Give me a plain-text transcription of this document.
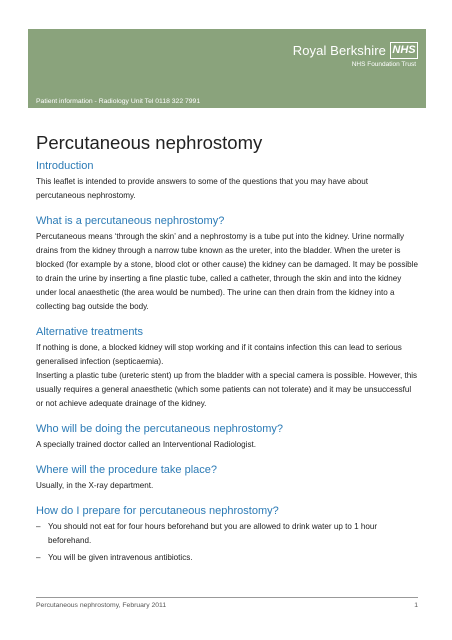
Royal Berkshire NHS
NHS Foundation Trust
Patient information - Radiology Unit Tel 0118 322 7991
Percutaneous nephrostomy
Introduction

This leaflet is intended to provide answers to some of the questions that you may have about percutaneous nephrostomy.

What is a percutaneous nephrostomy?

Percutaneous means ‘through the skin’ and a nephrostomy is a tube put into the kidney. Urine normally drains from the kidney through a narrow tube known as the ureter, into the bladder. When the ureter is blocked (for example by a stone, blood clot or other cause) the kidney can be damaged. It may be possible to drain the urine by inserting a fine plastic tube, called a catheter, through the skin and into the kidney under local anaesthetic (the area would be numbed). The urine can then drain from the kidney into a collecting bag outside the body.

Alternative treatments

If nothing is done, a blocked kidney will stop working and if it contains infection this can lead to serious generalised infection (septicaemia).

Inserting a plastic tube (ureteric stent) up from the bladder with a special camera is possible. However, this usually requires a general anaesthetic (which some patients can not tolerate) and it may be unsuccessful or not achieve adequate drainage of the kidney.

Who will be doing the percutaneous nephrostomy?

A specially trained doctor called an Interventional Radiologist.

Where will the procedure take place?

Usually, in the X-ray department.

How do I prepare for percutaneous nephrostomy?
– You should not eat for four hours beforehand but you are allowed to drink water up to 1 hour beforehand.
– You will be given intravenous antibiotics.
Percutaneous nephrostomy, February 2011	1
